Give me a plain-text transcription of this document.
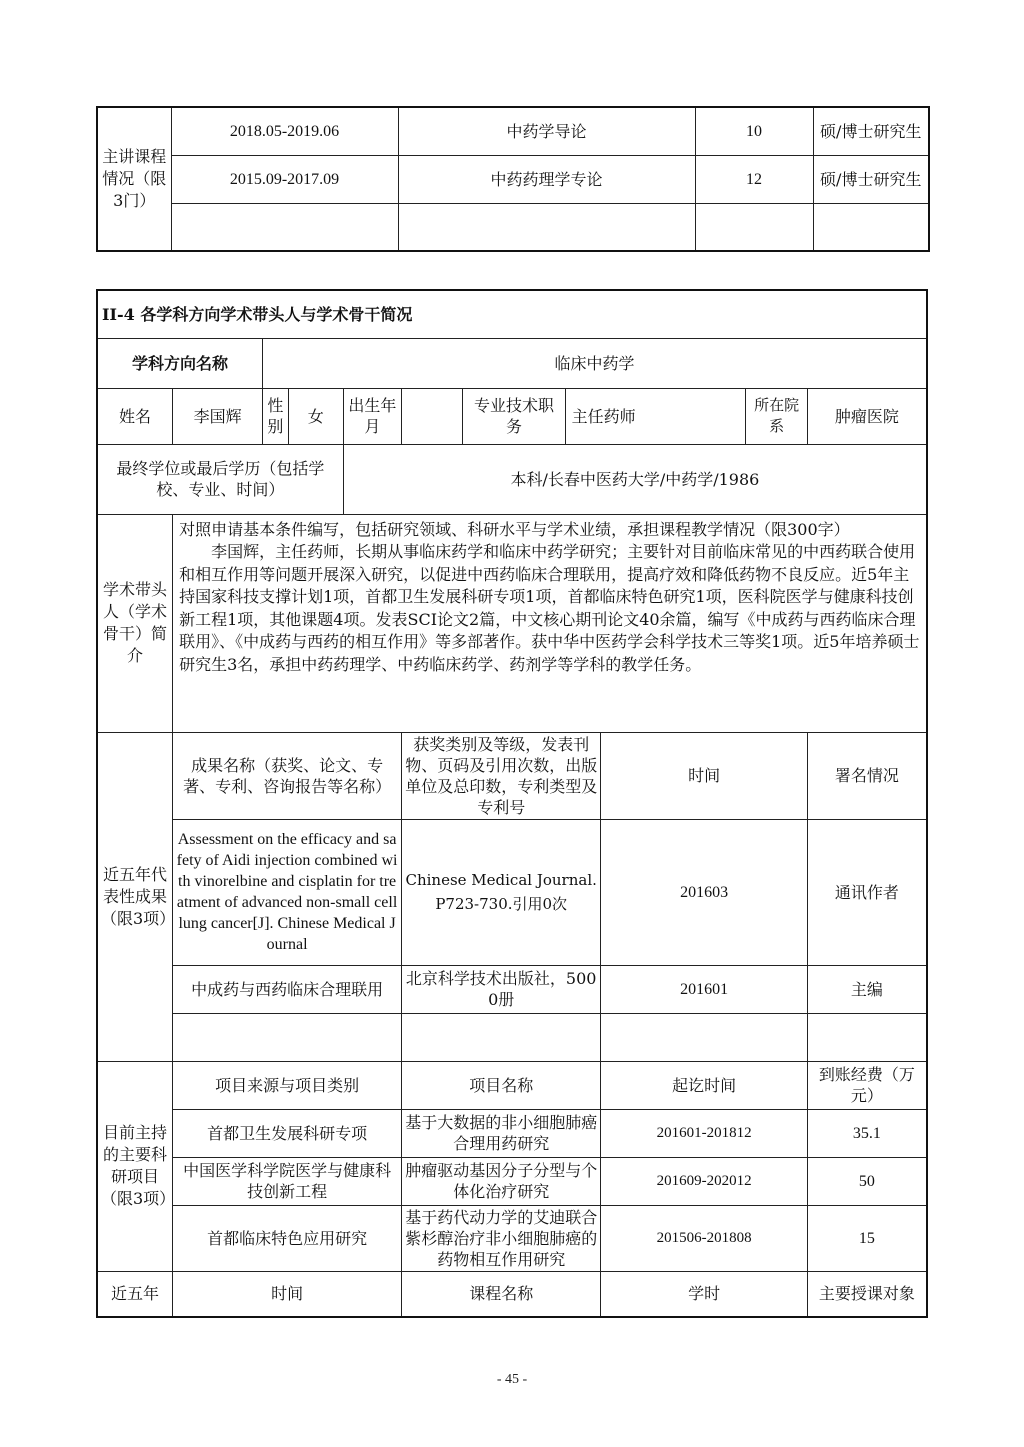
主讲课程情况（限3门）	2018.05-2019.06	中药学导论	10	硕/博士研究生
	2015.09-2017.09	中药药理学专论	12	硕/博士研究生

II-4 各学科方向学术带头人与学术骨干简况										
学科方向名称		临床中药学								
姓名	李国辉	性别	女	出生年月		专业技术职　务	主任药师		所在院系	肿瘤医院
最终学位或最后学历（包括学校、专业、时间）				本科/长春中医药大学/中药学/1986						
学术带头人（学术骨干）简介	对照申请基本条件编写，包括研究领域、科研水平与学术业绩，承担课程教学情况（限300字）
李国辉，主任药师，长期从事临床药学和临床中药学研究；主要针对目前临床常见的中西药联合使用和相互作用等问题开展深入研究，以促进中西药临床合理联用，提高疗效和降低药物不良反应。近5年主持国家科技支撑计划1项，首都卫生发展科研专项1项，首都临床特色研究1项，医科院医学与健康科技创新工程1项，其他课题4项。发表SCI论文2篇，中文核心期刊论文40余篇，编写《中成药与西药临床合理联用》、《中成药与西药的相互作用》等多部著作。获中华中医药学会科学技术三等奖1项。近5年培养硕士研究生3名，承担中药药理学、中药临床药学、药剂学等学科的教学任务。									

近五年代表性成果（限3项）	成果名称（获奖、论文、专著、专利、咨询报告等名称）				获奖类别及等级，发表刊物、页码及引用次数，出版单位及总印数，专利类型及专利号			时间		署名情况
	Assessment on the efficacy and safety of Aidi injection combined with vinorelbine and cisplatin for treatment of advanced non-small cell lung cancer[J]. Chinese Medical Journal				Chinese Medical Journal. P723-730.引用0次			201603		通讯作者
	中成药与西药临床合理联用				北京科学技术出版社，5000册			201601		主编

目前主持的主要科研项目（限3项）	项目来源与项目类别				项目名称			起讫时间		到账经费（万元）
	首都卫生发展科研专项				基于大数据的非小细胞肺癌合理用药研究			201601-201812		35.1
	中国医学科学院医学与健康科技创新工程				肿瘤驱动基因分子分型与个体化治疗研究			201609-202012		50
	首都临床特色应用研究				基于药代动力学的艾迪联合紫杉醇治疗非小细胞肺癌的药物相互作用研究			201506-201808		15
近五年	时间				课程名称			学时		主要授课对象
- 45 -
